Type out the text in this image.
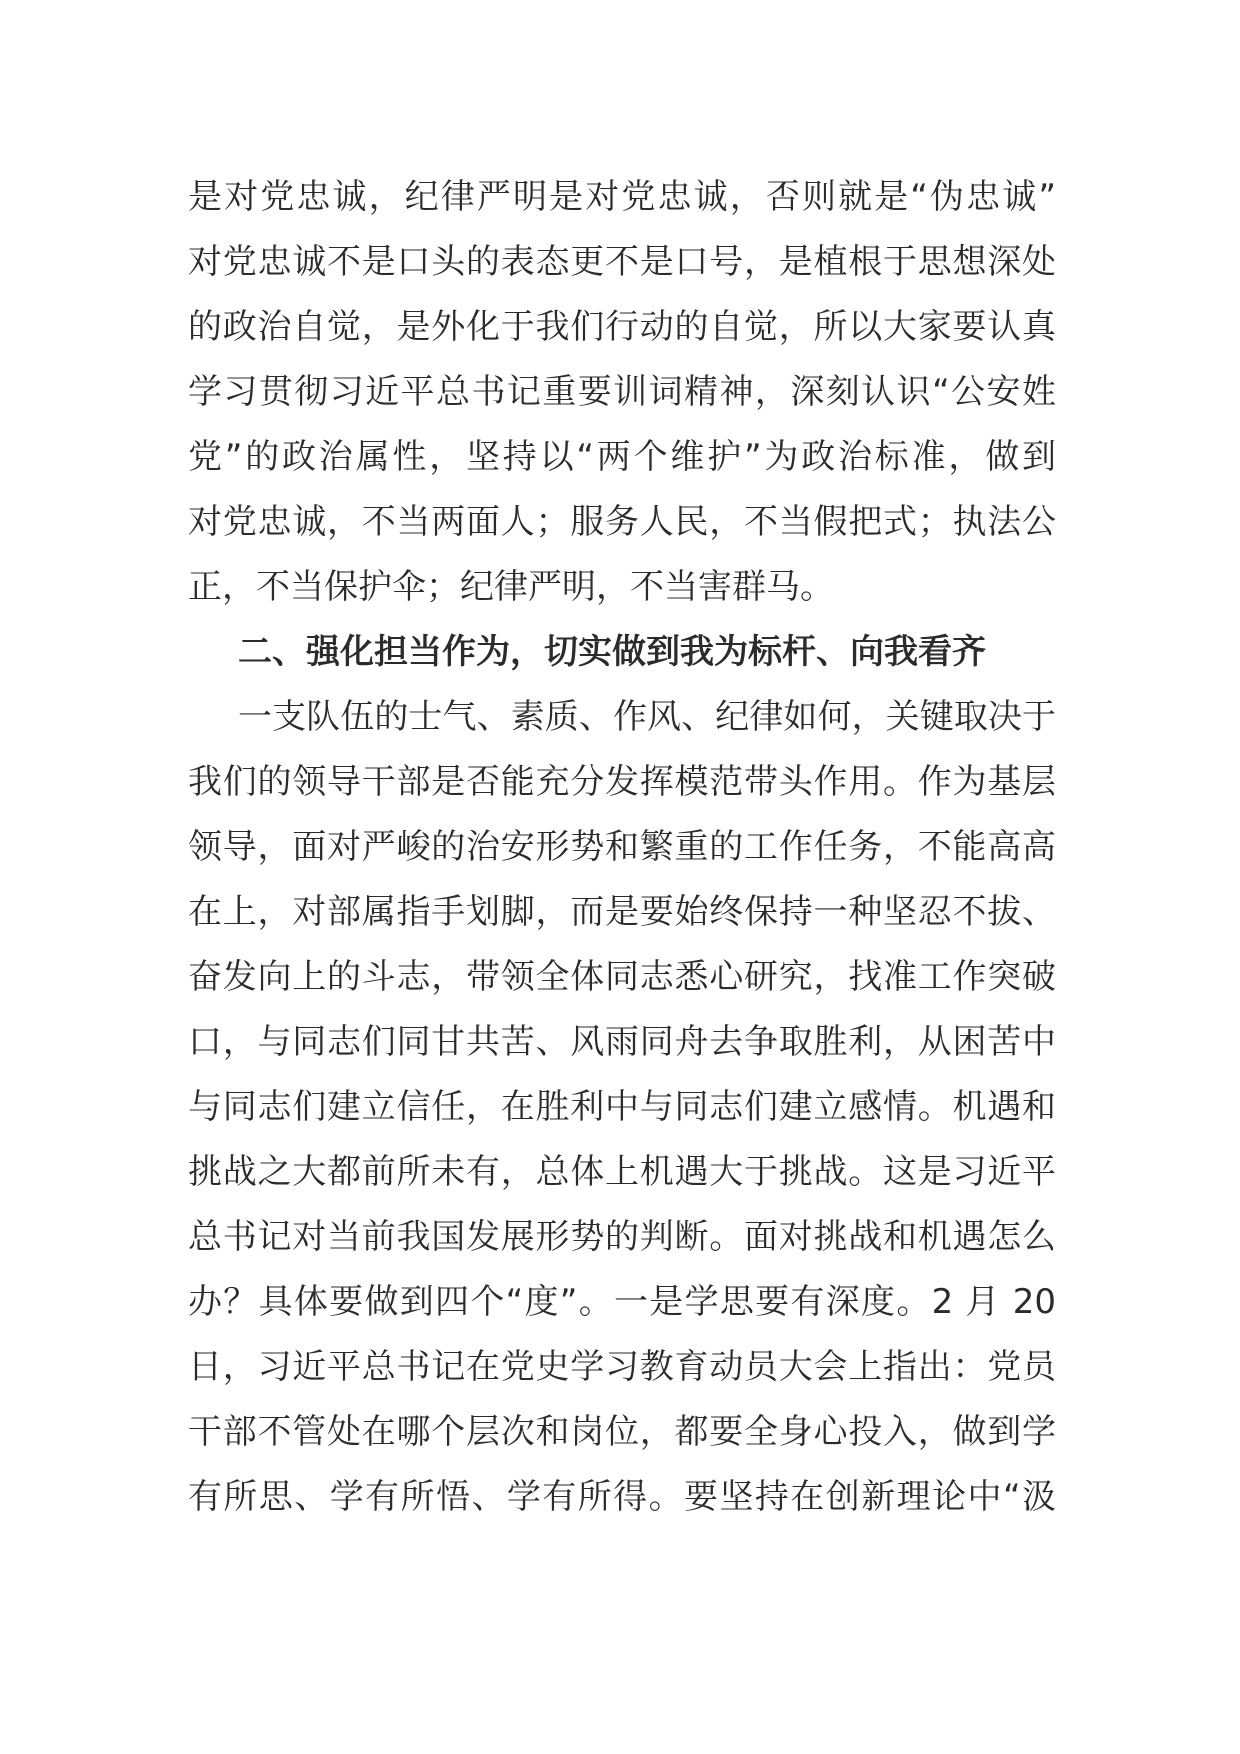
是对党忠诚，纪律严明是对党忠诚，否则就是“伪忠诚”
对党忠诚不是口头的表态更不是口号，是植根于思想深处
的政治自觉，是外化于我们行动的自觉，所以大家要认真
学习贯彻习近平总书记重要训词精神，深刻认识“公安姓
党”的政治属性，坚持以“两个维护”为政治标准，做到
对党忠诚，不当两面人；服务人民，不当假把式；执法公
正，不当保护伞；纪律严明，不当害群马。
二、强化担当作为，切实做到我为标杆、向我看齐
一支队伍的士气、素质、作风、纪律如何，关键取决于
我们的领导干部是否能充分发挥模范带头作用。作为基层
领导，面对严峻的治安形势和繁重的工作任务，不能高高
在上，对部属指手划脚，而是要始终保持一种坚忍不拔、
奋发向上的斗志，带领全体同志悉心研究，找准工作突破
口，与同志们同甘共苦、风雨同舟去争取胜利，从困苦中
与同志们建立信任，在胜利中与同志们建立感情。机遇和
挑战之大都前所未有，总体上机遇大于挑战。这是习近平
总书记对当前我国发展形势的判断。面对挑战和机遇怎么
办？具体要做到四个“度”。一是学思要有深度。2 月 20
日，习近平总书记在党史学习教育动员大会上指出：党员
干部不管处在哪个层次和岗位，都要全身心投入，做到学
有所思、学有所悟、学有所得。要坚持在创新理论中“汲
